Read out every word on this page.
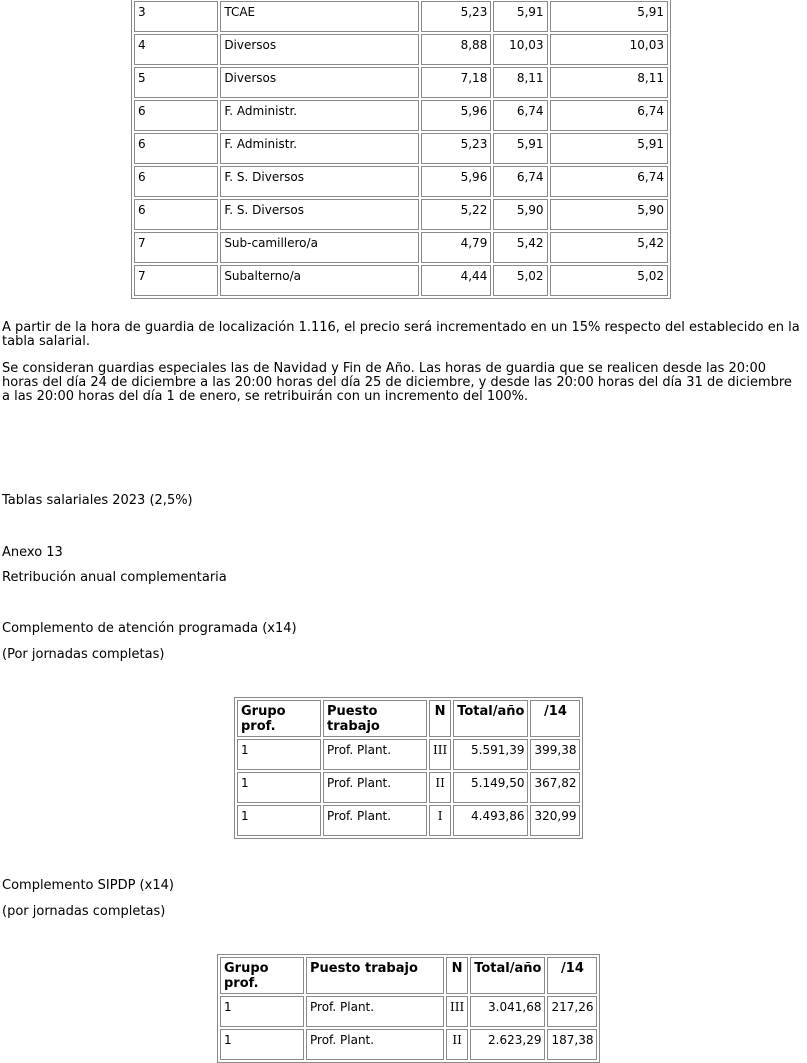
3	TCAE	5,23	5,91	5,91
4	Diversos	8,88	10,03	10,03
5	Diversos	7,18	8,11	8,11
6	F. Administr.	5,96	6,74	6,74
6	F. Administr.	5,23	5,91	5,91
6	F. S. Diversos	5,96	6,74	6,74
6	F. S. Diversos	5,22	5,90	5,90
7	Sub-camillero/a	4,79	5,42	5,42
7	Subalterno/a	4,44	5,02	5,02

A partir de la hora de guardia de localización 1.116, el precio será incrementado en un 15% respecto del establecido en la tabla salarial.

Se consideran guardias especiales las de Navidad y Fin de Año. Las horas de guardia que se realicen desde las 20:00 horas del día 24 de diciembre a las 20:00 horas del día 25 de diciembre, y desde las 20:00 horas del día 31 de diciembre a las 20:00 horas del día 1 de enero, se retribuirán con un incremento del 100%.

Tablas salariales 2023 (2,5%)

Anexo 13

Retribución anual complementaria

Complemento de atención programada (x14)

(Por jornadas completas)

Grupo prof.	Puesto trabajo	N	Total/año	/14
1	Prof. Plant.	III	5.591,39	399,38
1	Prof. Plant.	II	5.149,50	367,82
1	Prof. Plant.	I	4.493,86	320,99

Complemento SIPDP (x14)

(por jornadas completas)

Grupo prof.	Puesto trabajo	N	Total/año	/14
1	Prof. Plant.	III	3.041,68	217,26
1	Prof. Plant.	II	2.623,29	187,38
